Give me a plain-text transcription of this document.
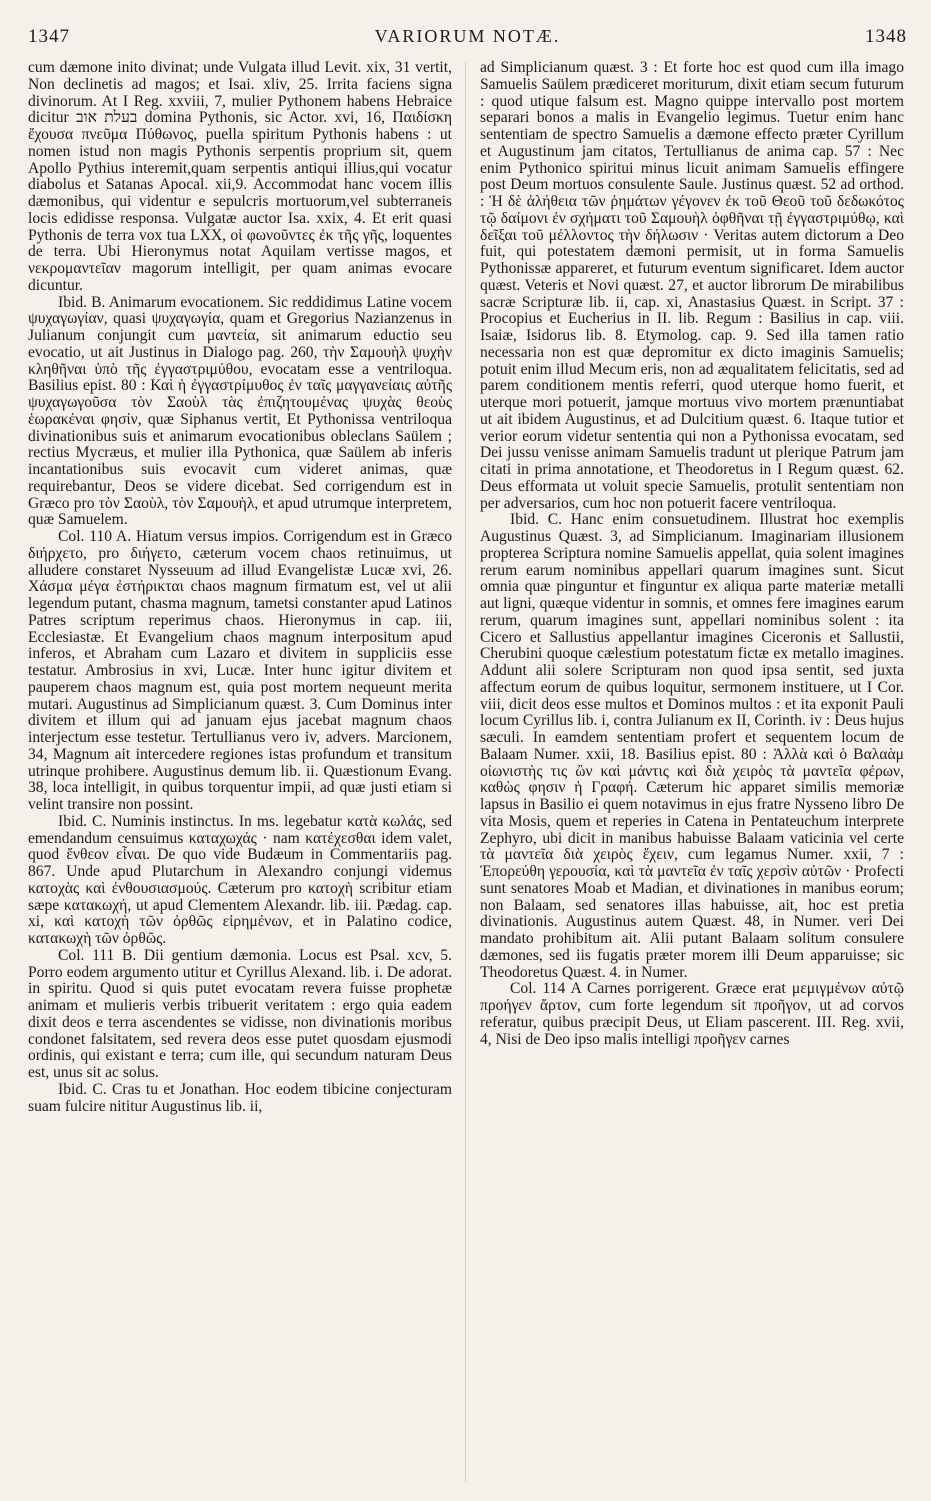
1347	VARIORUM NOTÆ.	1348

cum dæmone inito divinat; unde Vulgata illud Levit. xix, 31 vertit, Non declinetis ad magos; et Isai. xliv, 25. Irrita faciens signa divinorum. At I Reg. xxviii, 7, mulier Pythonem habens Hebraice dicitur בעלת אוב domina Pythonis, sic Actor. xvi, 16, Παιδίσκη ἔχουσα πνεῦμα Πύθωνος, puella spiritum Pythonis habens : ut nomen istud non magis Pythonis serpentis proprium sit, quem Apollo Pythius interemit,quam serpentis antiqui illius,qui vocatur diabolus et Satanas Apocal. xii,9. Accommodat hanc vocem illis dæmonibus, qui videntur e sepulcris mortuorum,vel subterraneis locis edidisse responsa. Vulgatæ auctor Isa. xxix, 4. Et erit quasi Pythonis de terra vox tua LXX, οἱ φωνοῦντες ἐκ τῆς γῆς, loquentes de terra. Ubi Hieronymus notat Aquilam vertisse magos, et νεκρομαντεῖαν magorum intelligit, per quam animas evocare dicuntur.

Ibid. B. Animarum evocationem. Sic reddidimus Latine vocem ψυχαγωγίαν, quasi ψυχαγωγία, quam et Gregorius Nazianzenus in Julianum conjungit cum μαντεία, sit animarum eductio seu evocatio, ut ait Justinus in Dialogo pag. 260, τὴν Σαμουὴλ ψυχὴν κληθῆναι ὑπὸ τῆς ἐγγαστριμύθου, evocatam esse a ventriloqua. Basilius epist. 80 : Καὶ ἡ ἐγγαστρίμυθος ἐν ταῖς μαγγανείαις αὐτῆς ψυχαγωγοῦσα τὸν Σαοὺλ τὰς ἐπιζητουμένας ψυχὰς θεοὺς ἑωρακέναι φησίν, quæ Siphanus vertit, Et Pythonissa ventriloqua divinationibus suis et animarum evocationibus obleclans Saülem ; rectius Mycræus, et mulier illa Pythonica, quæ Saülem ab inferis incantationibus suis evocavit cum videret animas, quæ requirebantur, Deos se videre dicebat. Sed corrigendum est in Græco pro τὸν Σαοὺλ, τὸν Σαμουὴλ, et apud utrumque interpretem, quæ Samuelem.

Col. 110 A. Hiatum versus impios. Corrigendum est in Græco διήρχετο, pro διήγετο, cæterum vocem chaos retinuimus, ut alludere constaret Nysseuum ad illud Evangelistæ Lucæ xvi, 26. Χάσμα μέγα ἐστήρικται chaos magnum firmatum est, vel ut alii legendum putant, chasma magnum, tametsi constanter apud Latinos Patres scriptum reperimus chaos. Hieronymus in cap. iii, Ecclesiastæ. Et Evangelium chaos magnum interpositum apud inferos, et Abraham cum Lazaro et divitem in suppliciis esse testatur. Ambrosius in xvi, Lucæ. Inter hunc igitur divitem et pauperem chaos magnum est, quia post mortem nequeunt merita mutari. Augustinus ad Simplicianum quæst. 3. Cum Dominus inter divitem et illum qui ad januam ejus jacebat magnum chaos interjectum esse testetur. Tertullianus vero iv, advers. Marcionem, 34, Magnum ait intercedere regiones istas profundum et transitum utrinque prohibere. Augustinus demum lib. ii. Quæstionum Evang. 38, loca intelligit, in quibus torquentur impii, ad quæ justi etiam si velint transire non possint.

Ibid. C. Numinis instinctus. In ms. legebatur κατὰ κωλάς, sed emendandum censuimus καταχωχάς · nam κατέχεσθαι idem valet, quod ἔνθεον εἶναι. De quo vide Budæum in Commentariis pag. 867. Unde apud Plutarchum in Alexandro conjungi videmus κατοχὰς καὶ ἐνθουσιασμούς. Cæterum pro κατοχὴ scribitur etiam sæpe κατακωχή, ut apud Clementem Alexandr. lib. iii. Pædag. cap. xi, καὶ κατοχὴ τῶν ὀρθῶς εἰρημένων, et in Palatino codice, κατακωχὴ τῶν ὀρθῶς.

Col. 111 B. Dii gentium dæmonia. Locus est Psal. xcv, 5. Porro eodem argumento utitur et Cyrillus Alexand. lib. i. De adorat. in spiritu. Quod si quis putet evocatam revera fuisse prophetæ animam et mulieris verbis tribuerit veritatem : ergo quia eadem dixit deos e terra ascendentes se vidisse, non divinationis moribus condonet falsitatem, sed revera deos esse putet quosdam ejusmodi ordinis, qui existant e terra; cum ille, qui secundum naturam Deus est, unus sit ac solus.

Ibid. C. Cras tu et Jonathan. Hoc eodem tibicine conjecturam suam fulcire nititur Augustinus lib. ii,

ad Simplicianum quæst. 3 : Et forte hoc est quod cum illa imago Samuelis Saülem prædiceret moriturum, dixit etiam secum futurum : quod utique falsum est. Magno quippe intervallo post mortem separari bonos a malis in Evangelio legimus. Tuetur enim hanc sententiam de spectro Samuelis a dæmone effecto præter Cyrillum et Augustinum jam citatos, Tertullianus de anima cap. 57 : Nec enim Pythonico spiritui minus licuit animam Samuelis effingere post Deum mortuos consulente Saule. Justinus quæst. 52 ad orthod. : Ἡ δὲ ἀλήθεια τῶν ῥημάτων γέγονεν ἐκ τοῦ Θεοῦ τοῦ δεδωκότος τῷ δαίμονι ἐν σχήματι τοῦ Σαμουὴλ ὀφθῆναι τῇ ἐγγαστριμύθῳ, καὶ δεῖξαι τοῦ μέλλοντος τὴν δήλωσιν · Veritas autem dictorum a Deo fuit, qui potestatem dæmoni permisit, ut in forma Samuelis Pythonissæ appareret, et futurum eventum significaret. Idem auctor quæst. Veteris et Novi quæst. 27, et auctor librorum De mirabilibus sacræ Scripturæ lib. ii, cap. xi, Anastasius Quæst. in Script. 37 : Procopius et Eucherius in II. lib. Regum : Basilius in cap. viii. Isaiæ, Isidorus lib. 8. Etymolog. cap. 9. Sed illa tamen ratio necessaria non est quæ depromitur ex dicto imaginis Samuelis; potuit enim illud Mecum eris, non ad æqualitatem felicitatis, sed ad parem conditionem mentis referri, quod uterque homo fuerit, et uterque mori potuerit, jamque mortuus vivo mortem prænuntiabat ut ait ibidem Augustinus, et ad Dulcitium quæst. 6. Itaque tutior et verior eorum videtur sententia qui non a Pythonissa evocatam, sed Dei jussu venisse animam Samuelis tradunt ut plerique Patrum jam citati in prima annotatione, et Theodoretus in I Regum quæst. 62. Deus efformata ut voluit specie Samuelis, protulit sententiam non per adversarios, cum hoc non potuerit facere ventriloqua.

Ibid. C. Hanc enim consuetudinem. Illustrat hoc exemplis Augustinus Quæst. 3, ad Simplicianum. Imaginariam illusionem propterea Scriptura nomine Samuelis appellat, quia solent imagines rerum earum nominibus appellari quarum imagines sunt. Sicut omnia quæ pinguntur et finguntur ex aliqua parte materiæ metalli aut ligni, quæque videntur in somnis, et omnes fere imagines earum rerum, quarum imagines sunt, appellari nominibus solent : ita Cicero et Sallustius appellantur imagines Ciceronis et Sallustii, Cherubini quoque cælestium potestatum fictæ ex metallo imagines. Addunt alii solere Scripturam non quod ipsa sentit, sed juxta affectum eorum de quibus loquitur, sermonem instituere, ut I Cor. viii, dicit deos esse multos et Dominos multos : et ita exponit Pauli locum Cyrillus lib. i, contra Julianum ex II, Corinth. iv : Deus hujus sæculi. In eamdem sententiam profert et sequentem locum de Balaam Numer. xxii, 18. Basilius epist. 80 : Ἀλλὰ καὶ ὁ Βαλαὰμ οἰωνιστὴς τις ὢν καὶ μάντις καὶ διὰ χειρὸς τὰ μαντεῖα φέρων, καθὼς φησιν ἡ Γραφή. Cæterum hic apparet similis memoriæ lapsus in Basilio ei quem notavimus in ejus fratre Nysseno libro De vita Mosis, quem et reperies in Catena in Pentateuchum interprete Zephyro, ubi dicit in manibus habuisse Balaam vaticinia vel certe τὰ μαντεῖα διὰ χειρὸς ἔχειν, cum legamus Numer. xxii, 7 : Ἐπορεύθη γερουσία, καὶ τὰ μαντεῖα ἐν ταῖς χερσὶν αὐτῶν · Profecti sunt senatores Moab et Madian, et divinationes in manibus eorum; non Balaam, sed senatores illas habuisse, ait, hoc est pretia divinationis. Augustinus autem Quæst. 48, in Numer. veri Dei mandato prohibitum ait. Alii putant Balaam solitum consulere dæmones, sed iis fugatis præter morem illi Deum apparuisse; sic Theodoretus Quæst. 4. in Numer.

Col. 114 A Carnes porrigerent. Græce erat μεμιγμένων αὐτῷ προήγεν ἄρτον, cum forte legendum sit προῆγον, ut ad corvos referatur, quibus præcipit Deus, ut Eliam pascerent. III. Reg. xvii, 4, Nisi de Deo ipso malis intelligi προῆγεν carnes
